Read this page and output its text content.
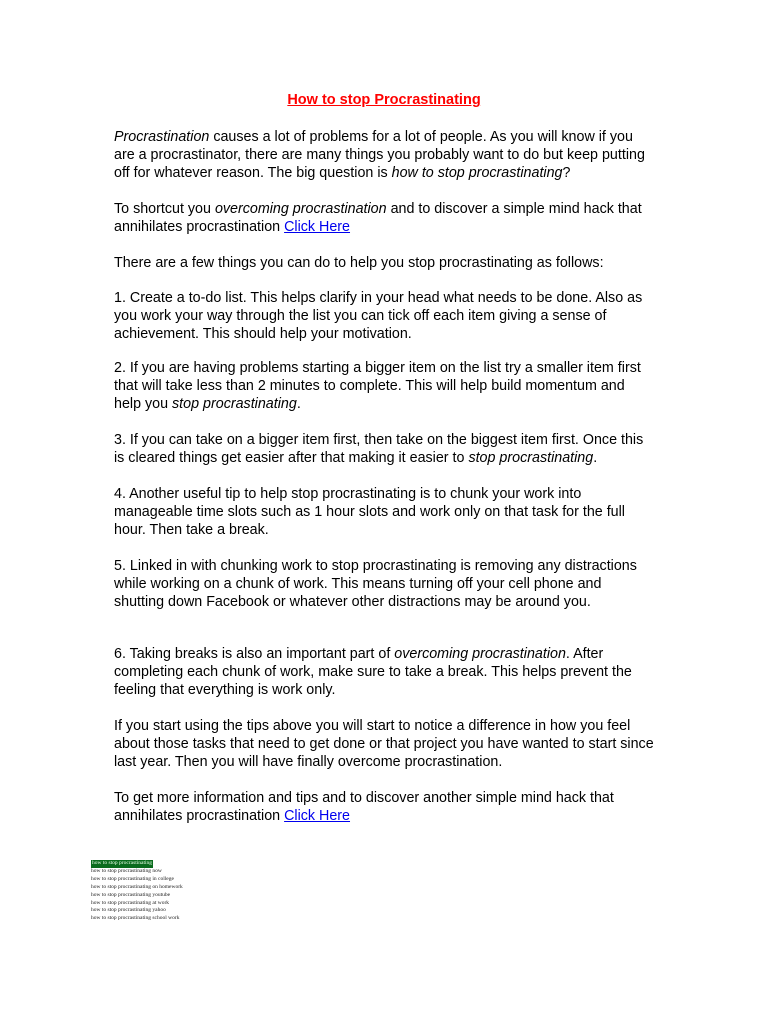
How to stop Procrastinating

Procrastination causes a lot of problems for a lot of people. As you will know if you are a procrastinator, there are many things you probably want to do but keep putting off for whatever reason. The big question is how to stop procrastinating?

To shortcut you overcoming procrastination and to discover a simple mind hack that annihilates procrastination Click Here

There are a few things you can do to help you stop procrastinating as follows:

1. Create a to-do list. This helps clarify in your head what needs to be done. Also as you work your way through the list you can tick off each item giving a sense of achievement. This should help your motivation.

2. If you are having problems starting a bigger item on the list try a smaller item first that will take less than 2 minutes to complete. This will help build momentum and help you stop procrastinating.

3. If you can take on a bigger item first, then take on the biggest item first. Once this is cleared things get easier after that making it easier to stop procrastinating.

4. Another useful tip to help stop procrastinating is to chunk your work into manageable time slots such as 1 hour slots and work only on that task for the full hour. Then take a break.

5. Linked in with chunking work to stop procrastinating is removing any distractions while working on a chunk of work. This means turning off your cell phone and shutting down Facebook or whatever other distractions may be around you.

6. Taking breaks is also an important part of overcoming procrastination. After completing each chunk of work, make sure to take a break. This helps prevent the feeling that everything is work only.

If you start using the tips above you will start to notice a difference in how you feel about those tasks that need to get done or that project you have wanted to start since last year. Then you will have finally overcome procrastination.

To get more information and tips and to discover another simple mind hack that annihilates procrastination Click Here

how to stop procrastinating
how to stop procrastinating now
how to stop procrastinating in college
how to stop procrastinating on homework
how to stop procrastinating youtube
how to stop procrastinating at work
how to stop procrastinating yahoo
how to stop procrastinating school work
